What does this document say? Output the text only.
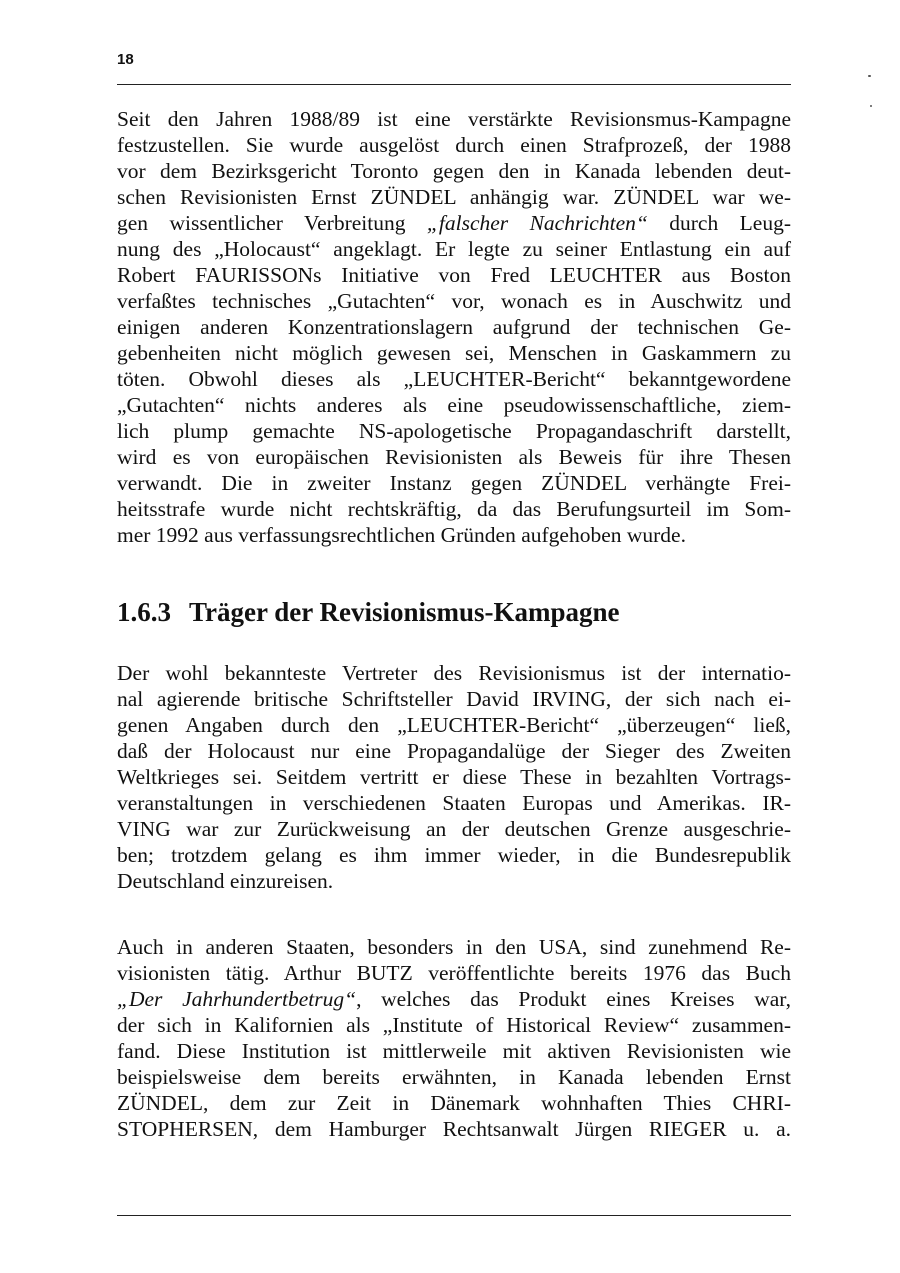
18
Seit den Jahren 1988/89 ist eine verstärkte Revisionsmus-Kampagne
festzustellen. Sie wurde ausgelöst durch einen Strafprozeß, der 1988
vor dem Bezirksgericht Toronto gegen den in Kanada lebenden deut-
schen Revisionisten Ernst ZÜNDEL anhängig war. ZÜNDEL war we-
gen wissentlicher Verbreitung „falscher Nachrichten“ durch Leug-
nung des „Holocaust“ angeklagt. Er legte zu seiner Entlastung ein auf
Robert FAURISSONs Initiative von Fred LEUCHTER aus Boston
verfaßtes technisches „Gutachten“ vor, wonach es in Auschwitz und
einigen anderen Konzentrationslagern aufgrund der technischen Ge-
gebenheiten nicht möglich gewesen sei, Menschen in Gaskammern zu
töten. Obwohl dieses als „LEUCHTER-Bericht“ bekanntgewordene
„Gutachten“ nichts anderes als eine pseudowissenschaftliche, ziem-
lich plump gemachte NS-apologetische Propagandaschrift darstellt,
wird es von europäischen Revisionisten als Beweis für ihre Thesen
verwandt. Die in zweiter Instanz gegen ZÜNDEL verhängte Frei-
heitsstrafe wurde nicht rechtskräftig, da das Berufungsurteil im Som-
mer 1992 aus verfassungsrechtlichen Gründen aufgehoben wurde.
1.6.3 Träger der Revisionismus-Kampagne
Der wohl bekannteste Vertreter des Revisionismus ist der internatio-
nal agierende britische Schriftsteller David IRVING, der sich nach ei-
genen Angaben durch den „LEUCHTER-Bericht“ „überzeugen“ ließ,
daß der Holocaust nur eine Propagandalüge der Sieger des Zweiten
Weltkrieges sei. Seitdem vertritt er diese These in bezahlten Vortrags-
veranstaltungen in verschiedenen Staaten Europas und Amerikas. IR-
VING war zur Zurückweisung an der deutschen Grenze ausgeschrie-
ben; trotzdem gelang es ihm immer wieder, in die Bundesrepublik
Deutschland einzureisen.
Auch in anderen Staaten, besonders in den USA, sind zunehmend Re-
visionisten tätig. Arthur BUTZ veröffentlichte bereits 1976 das Buch
„Der Jahrhundertbetrug“, welches das Produkt eines Kreises war,
der sich in Kalifornien als „Institute of Historical Review“ zusammen-
fand. Diese Institution ist mittlerweile mit aktiven Revisionisten wie
beispielsweise dem bereits erwähnten, in Kanada lebenden Ernst
ZÜNDEL, dem zur Zeit in Dänemark wohnhaften Thies CHRI-
STOPHERSEN, dem Hamburger Rechtsanwalt Jürgen RIEGER u. a.
